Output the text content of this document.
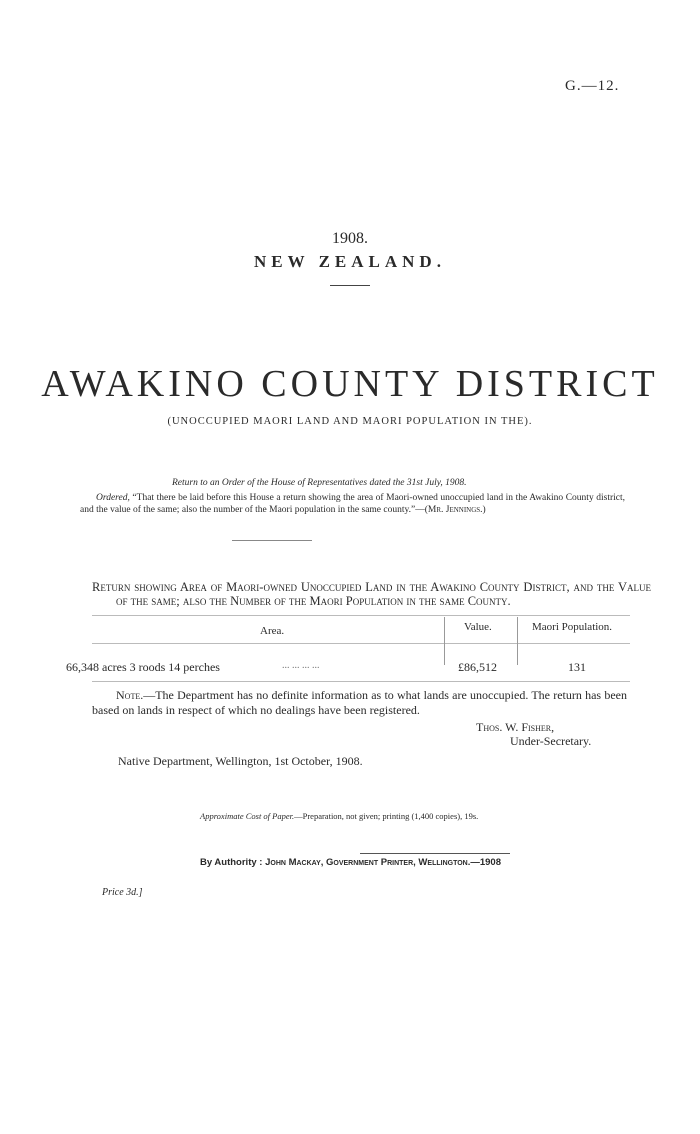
G.—12.
1908.
NEW ZEALAND.
AWAKINO COUNTY DISTRICT
(UNOCCUPIED MAORI LAND AND MAORI POPULATION IN THE).
Return to an Order of the House of Representatives dated the 31st July, 1908.
Ordered, “That there be laid before this House a return showing the area of Maori-owned unoccupied land in the Awakino County district, and the value of the same; also the number of the Maori population in the same county.”—(Mr. Jennings.)
Return showing Area of Maori-owned Unoccupied Land in the Awakino County District, and the Value of the same; also the Number of the Maori Population in the same County.
Area.	Value.	Maori Population.
66,348 acres 3 roods 14 perches	... ... ... ...	£86,512	131
Note.—The Department has no definite information as to what lands are unoccupied. The return has been based on lands in respect of which no dealings have been registered.
Thos. W. Fisher,
Under-Secretary.
Native Department, Wellington, 1st October, 1908.
Approximate Cost of Paper.—Preparation, not given; printing (1,400 copies), 19s.
By Authority : John Mackay, Government Printer, Wellington.—1908
Price 3d.]
